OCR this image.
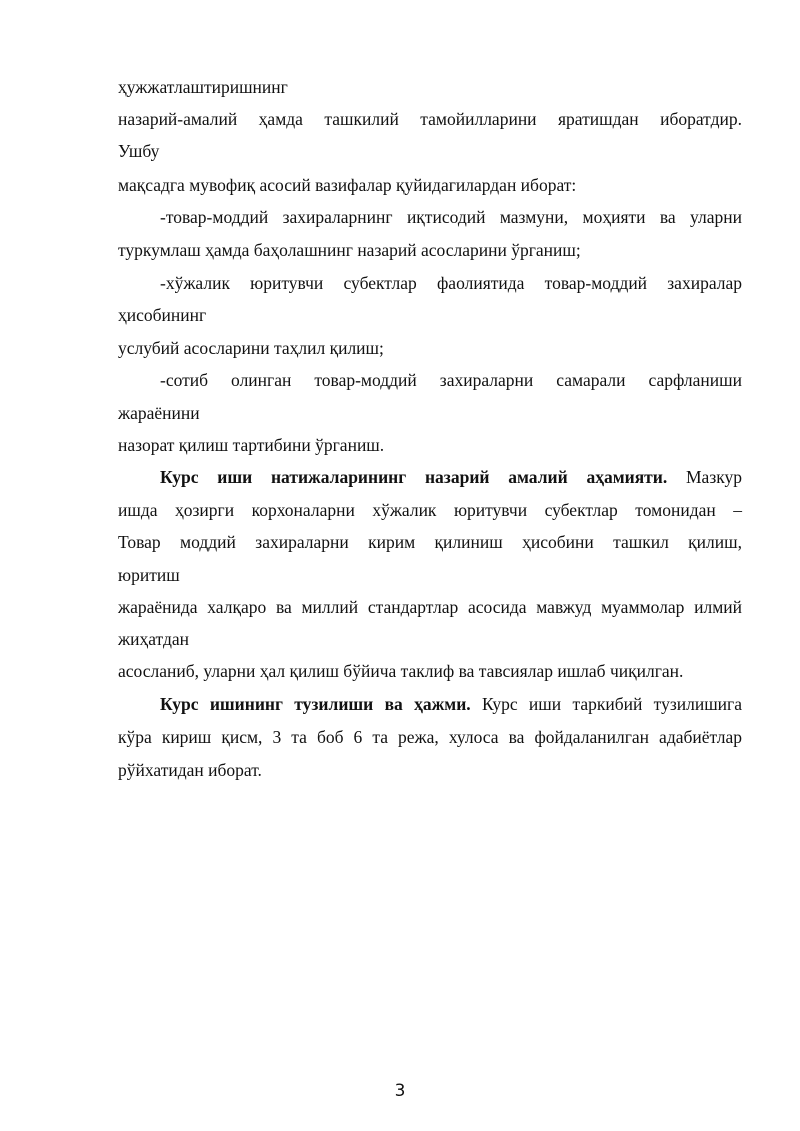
ҳужжатлаштиришнинг
назарий-амалий ҳамда ташкилий тамойилларини яратишдан иборатдир.
Ушбу
мақсадга мувофиқ асосий вазифалар қуйидагилардан иборат:
-товар-моддий захираларнинг иқтисодий мазмуни, моҳияти ва уларни
туркумлаш ҳамда баҳолашнинг назарий асосларини ўрганиш;
-хўжалик юритувчи субектлар фаолиятида товар-моддий захиралар
ҳисобининг
услубий асосларини таҳлил қилиш;
-сотиб олинган товар-моддий захираларни самарали сарфланиши
жараёнини
назорат қилиш тартибини ўрганиш.
Курс иши натижаларининг назарий амалий аҳамияти. Мазкур
ишда ҳозирги корхоналарни хўжалик юритувчи субектлар томонидан –
Товар моддий захираларни кирим қилиниш ҳисобини ташкил қилиш,
юритиш
жараёнида халқаро ва миллий стандартлар асосида мавжуд муаммолар илмий
жиҳатдан
асосланиб, уларни ҳал қилиш бўйича таклиф ва тавсиялар ишлаб чиқилган.
Курс ишининг тузилиши ва ҳажми. Курс иши таркибий тузилишига
кўра кириш қисм, 3 та боб 6 та режа, хулоса ва фойдаланилган адабиётлар
рўйхатидан иборат.
3
